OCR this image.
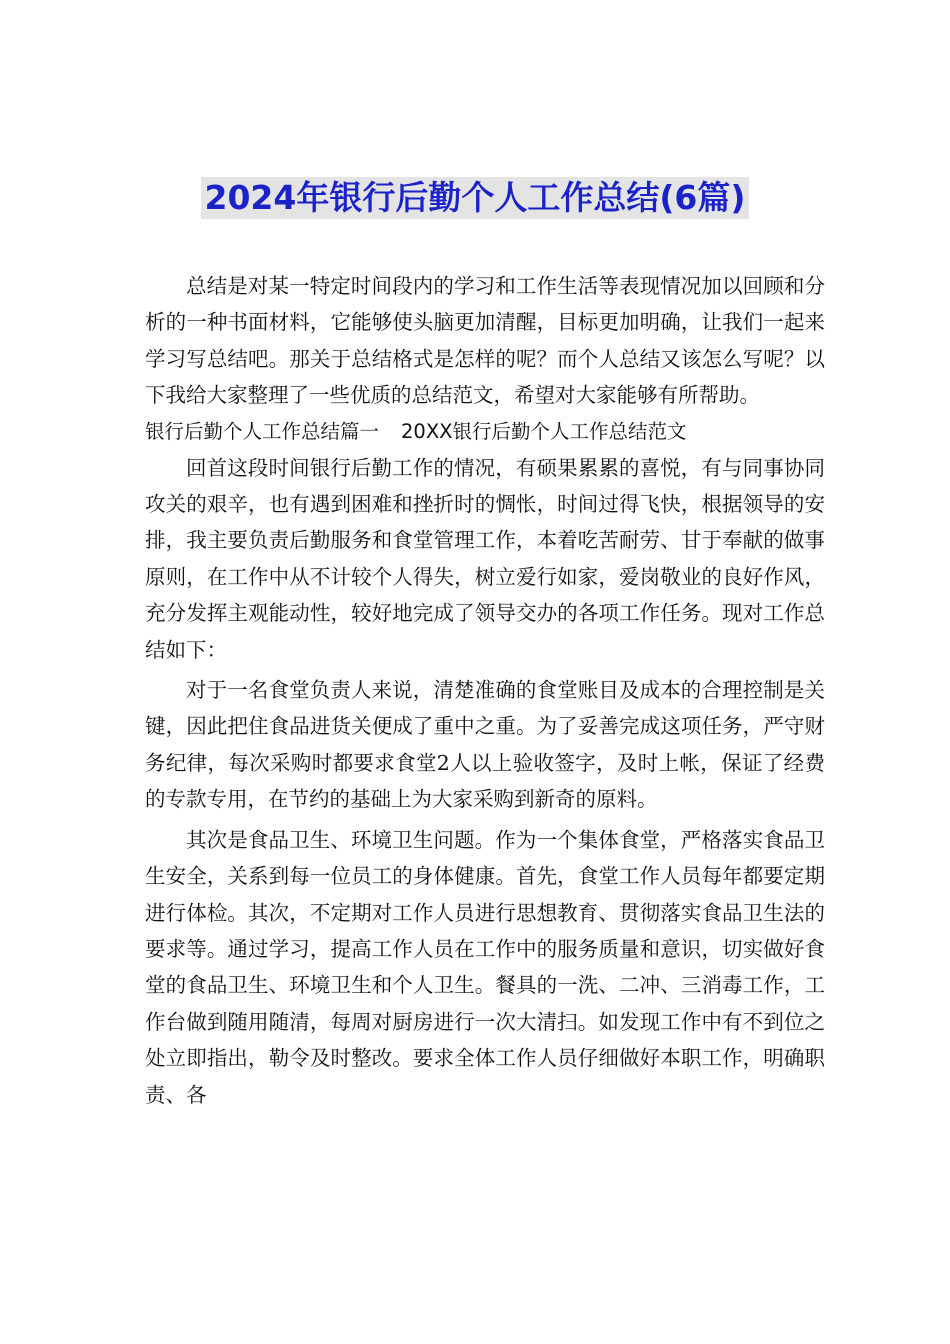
2024年银行后勤个人工作总结(6篇)

总结是对某一特定时间段内的学习和工作生活等表现情况加以回顾和分析的一种书面材料，它能够使头脑更加清醒，目标更加明确，让我们一起来学习写总结吧。那关于总结格式是怎样的呢？而个人总结又该怎么写呢？以下我给大家整理了一些优质的总结范文，希望对大家能够有所帮助。

银行后勤个人工作总结篇一 20XX银行后勤个人工作总结范文

回首这段时间银行后勤工作的情况，有硕果累累的喜悦，有与同事协同攻关的艰辛，也有遇到困难和挫折时的惆怅，时间过得飞快，根据领导的安排，我主要负责后勤服务和食堂管理工作，本着吃苦耐劳、甘于奉献的做事原则，在工作中从不计较个人得失，树立爱行如家，爱岗敬业的良好作风，充分发挥主观能动性，较好地完成了领导交办的各项工作任务。现对工作总结如下：

对于一名食堂负责人来说，清楚准确的食堂账目及成本的合理控制是关键，因此把住食品进货关便成了重中之重。为了妥善完成这项任务，严守财务纪律，每次采购时都要求食堂2人以上验收签字，及时上帐，保证了经费的专款专用，在节约的基础上为大家采购到新奇的原料。

其次是食品卫生、环境卫生问题。作为一个集体食堂，严格落实食品卫生安全，关系到每一位员工的身体健康。首先，食堂工作人员每年都要定期进行体检。其次，不定期对工作人员进行思想教育、贯彻落实食品卫生法的要求等。通过学习，提高工作人员在工作中的服务质量和意识，切实做好食堂的食品卫生、环境卫生和个人卫生。餐具的一洗、二冲、三消毒工作，工作台做到随用随清，每周对厨房进行一次大清扫。如发现工作中有不到位之处立即指出，勒令及时整改。要求全体工作人员仔细做好本职工作，明确职责、各
